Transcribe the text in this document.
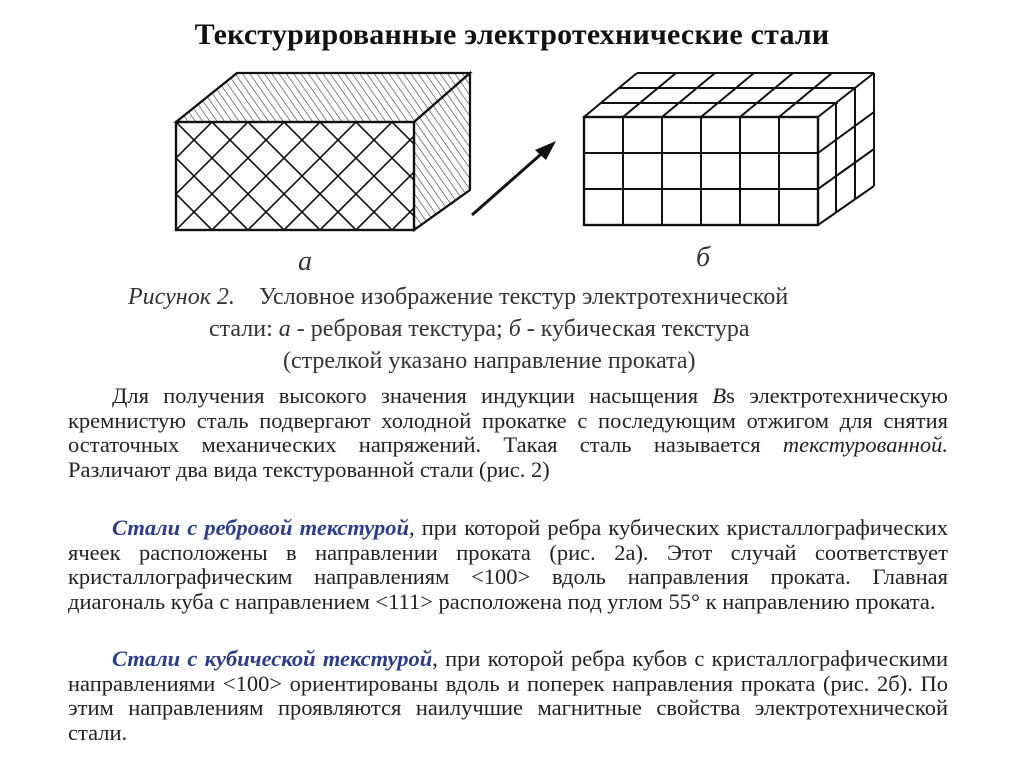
Текстурированные электротехнические стали
а	б
Рисунок 2. Условное изображение текстур электротехнической
стали: а - ребровая текстура; б - кубическая текстура
(стрелкой указано направление проката)
Для получения высокого значения индукции насыщения Bs электротехническую кремнистую сталь подвергают холодной прокатке с последующим отжигом для снятия остаточных механических напряжений. Такая сталь называется текстурованной. Различают два вида текстурованной стали (рис. 2)
Стали с ребровой текстурой, при которой ребра кубических кристаллографических ячеек расположены в направлении проката (рис. 2а). Этот случай соответствует кристаллографическим направлениям <100> вдоль направления проката. Главная диагональ куба с направлением <111> расположена под углом 55° к направлению проката.
Стали с кубической текстурой, при которой ребра кубов с кристаллографическими направлениями <100> ориентированы вдоль и поперек направления проката (рис. 2б). По этим направлениям проявляются наилучшие магнитные свойства электротехнической стали.
